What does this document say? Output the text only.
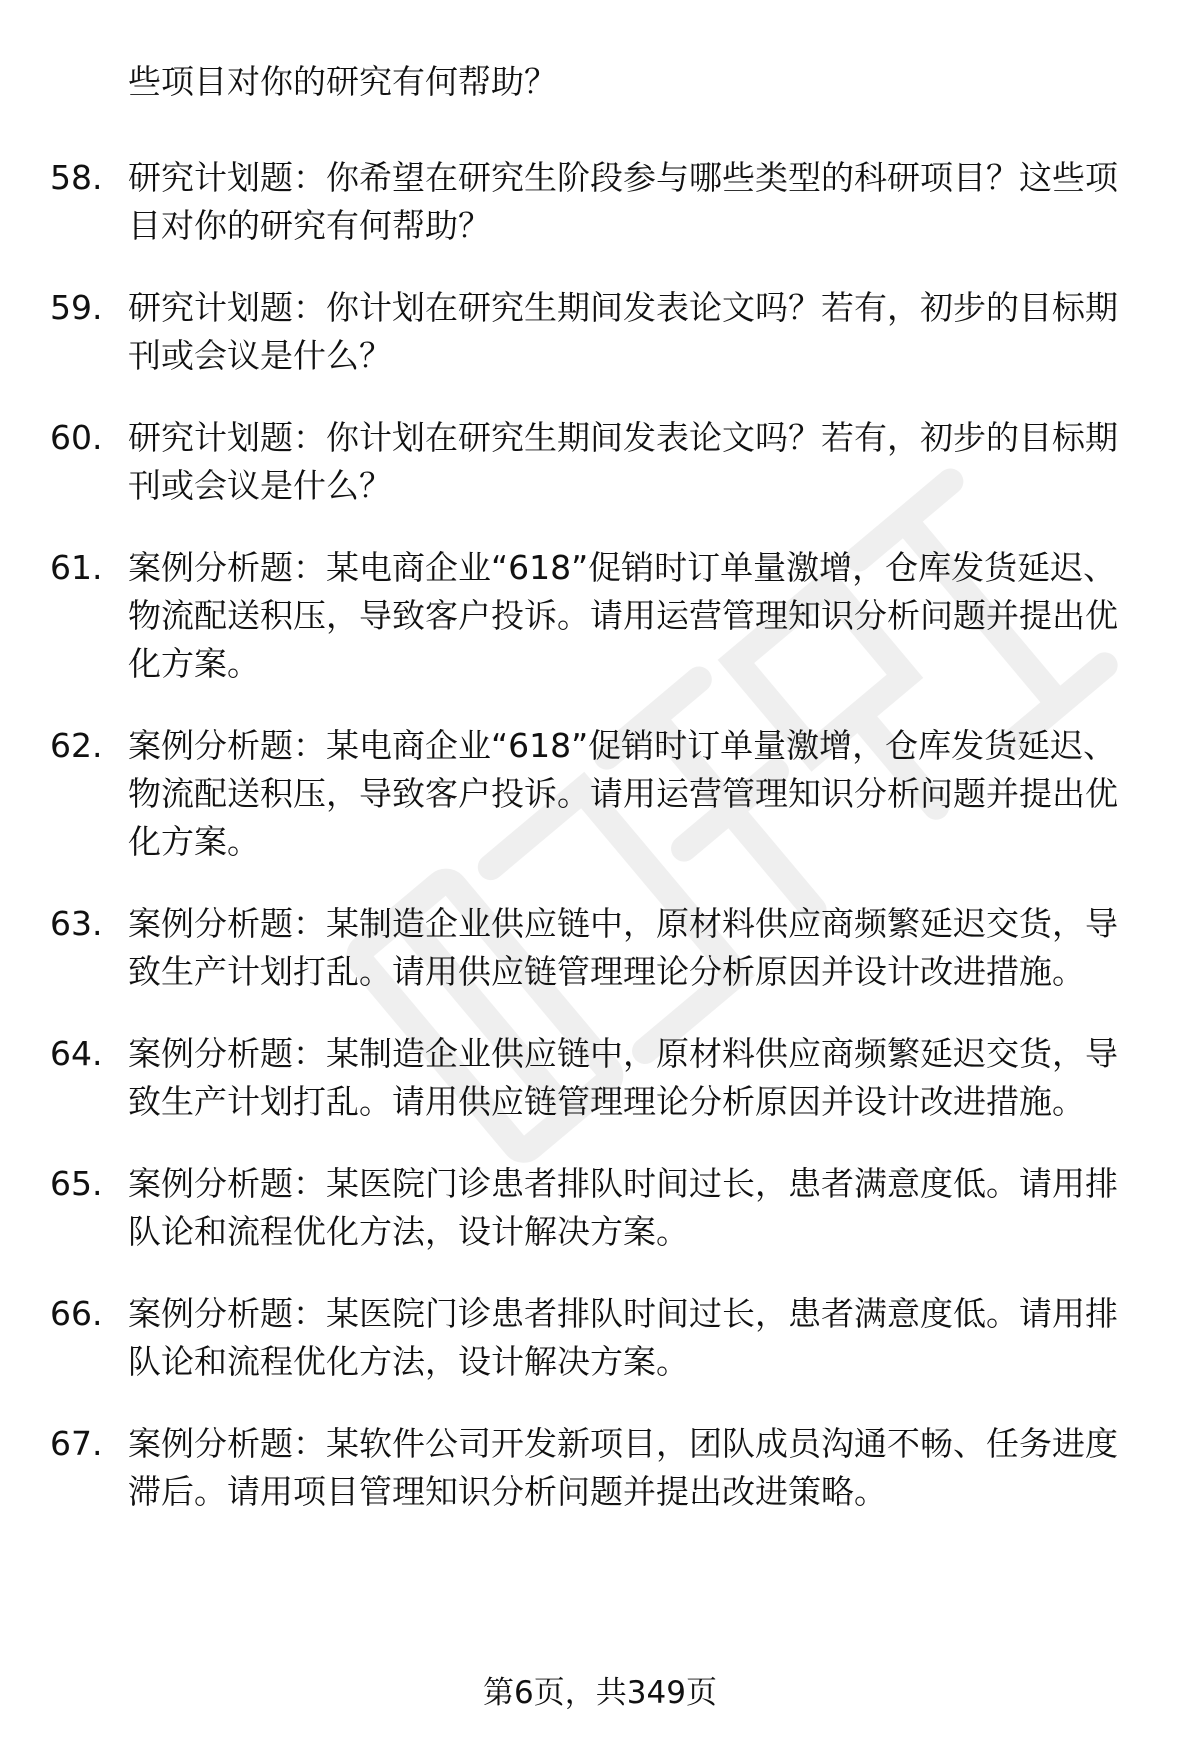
些项目对你的研究有何帮助？

58. 研究计划题：你希望在研究生阶段参与哪些类型的科研项目？这些项目对你的研究有何帮助？
59. 研究计划题：你计划在研究生期间发表论文吗？若有，初步的目标期刊或会议是什么？
60. 研究计划题：你计划在研究生期间发表论文吗？若有，初步的目标期刊或会议是什么？
61. 案例分析题：某电商企业“618”促销时订单量激增，仓库发货延迟、物流配送积压，导致客户投诉。请用运营管理知识分析问题并提出优化方案。
62. 案例分析题：某电商企业“618”促销时订单量激增，仓库发货延迟、物流配送积压，导致客户投诉。请用运营管理知识分析问题并提出优化方案。
63. 案例分析题：某制造企业供应链中，原材料供应商频繁延迟交货，导致生产计划打乱。请用供应链管理理论分析原因并设计改进措施。
64. 案例分析题：某制造企业供应链中，原材料供应商频繁延迟交货，导致生产计划打乱。请用供应链管理理论分析原因并设计改进措施。
65. 案例分析题：某医院门诊患者排队时间过长，患者满意度低。请用排队论和流程优化方法，设计解决方案。
66. 案例分析题：某医院门诊患者排队时间过长，患者满意度低。请用排队论和流程优化方法，设计解决方案。
67. 案例分析题：某软件公司开发新项目，团队成员沟通不畅、任务进度滞后。请用项目管理知识分析问题并提出改进策略。
第6页，共349页
